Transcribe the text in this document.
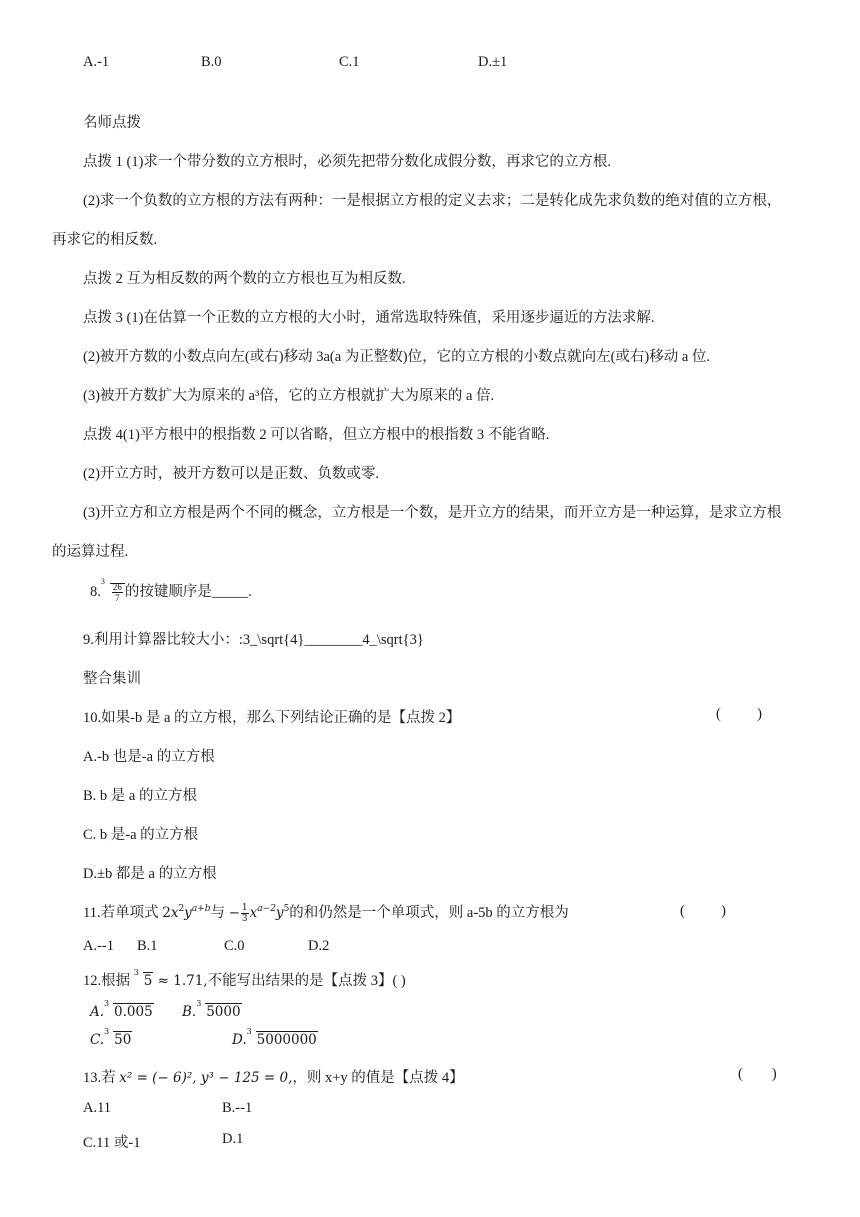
A.-1	B.0	C.1	D.±1
名师点拨
点拨 1 (1)求一个带分数的立方根时，必须先把带分数化成假分数，再求它的立方根.
(2)求一个负数的立方根的方法有两种：一是根据立方根的定义去求；二是转化成先求负数的绝对值的立方根，
再求它的相反数.
点拨 2 互为相反数的两个数的立方根也互为相反数.
点拨 3 (1)在估算一个正数的立方根的大小时，通常选取特殊值，采用逐步逼近的方法求解.
(2)被开方数的小数点向左(或右)移动 3a(a 为正整数)位，它的立方根的小数点就向左(或右)移动 a 位.
(3)被开方数扩大为原来的 a³倍，它的立方根就扩大为原来的 a 倍.
点拨 4(1)平方根中的根指数 2 可以省略，但立方根中的根指数 3 不能省略.
(2)开立方时，被开方数可以是正数、负数或零.
(3)开立方和立方根是两个不同的概念，立方根是一个数，是开立方的结果，而开立方是一种运算，是求立方根
的运算过程.
8.
3
$\frac{26}{7}$ 的按键顺序是_____.
9.利用计算器比较大小：:3_\sqrt{4}________4_\sqrt{3}
整合集训
10.如果-b 是 a 的立方根，那么下列结论正确的是【点拨 2】	(          )
A.-b 也是-a 的立方根
B. b 是 a 的立方根
C. b 是-a 的立方根
D.±b 都是 a 的立方根
11.若单项式 $2x^2y^{a+b}$与 − $\frac{1}{3} x^{a-2}y^5$的和仍然是一个单项式，则 a-5b 的立方根为	(          )
A.--1 B.1	C.0	D.2
12.根据
3
5 ≈ 1.71,不能写出结果的是【点拨 3】( )
A.
3
0.005 B.
3
5000
C.
3
50	D.
3
5000000
13.若 x² = (− 6)², y³ − 125 = 0,，则 x+y 的值是【点拨 4】	(        )
A.11	B.--1
C.11 或-1	D.1
